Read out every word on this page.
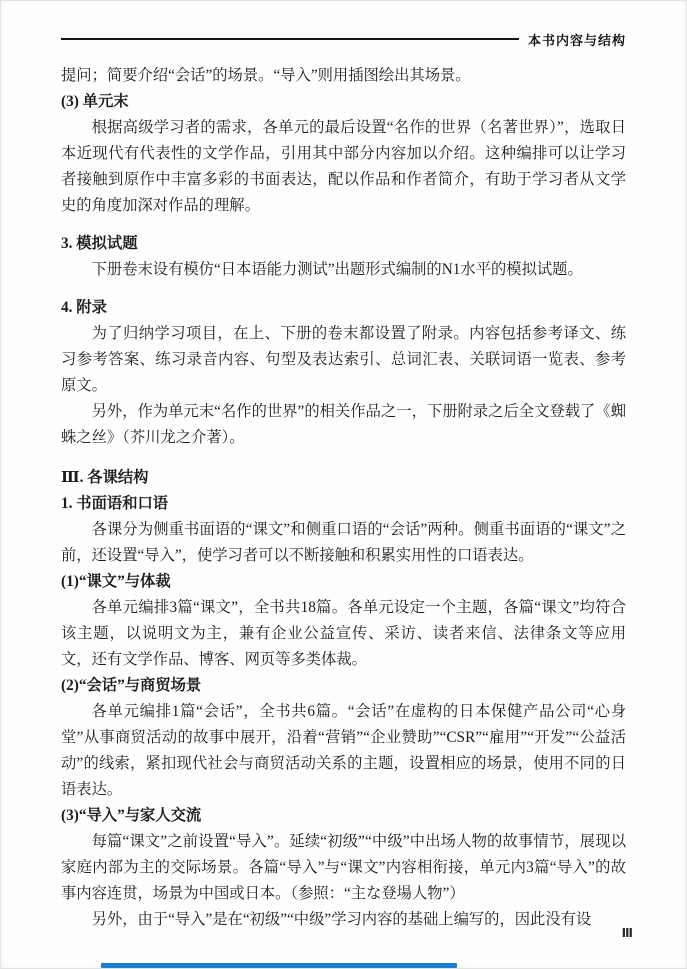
本书内容与结构

提问；简要介绍“会话”的场景。“导入”则用插图绘出其场景。

(3) 单元末

根据高级学习者的需求，各单元的最后设置“名作的世界（名著世界）”，选取日本近现代有代表性的文学作品，引用其中部分内容加以介绍。这种编排可以让学习者接触到原作中丰富多彩的书面表达，配以作品和作者简介，有助于学习者从文学史的角度加深对作品的理解。

3. 模拟试题

下册卷末设有模仿“日本语能力测试”出题形式编制的N1水平的模拟试题。

4. 附录

为了归纳学习项目，在上、下册的卷末都设置了附录。内容包括参考译文、练习参考答案、练习录音内容、句型及表达索引、总词汇表、关联词语一览表、参考原文。

另外，作为单元末“名作的世界”的相关作品之一，下册附录之后全文登载了《蜘蛛之丝》（芥川龙之介著）。

Ⅲ. 各课结构

1. 书面语和口语

各课分为侧重书面语的“课文”和侧重口语的“会话”两种。侧重书面语的“课文”之前，还设置“导入”，使学习者可以不断接触和积累实用性的口语表达。

(1)“课文”与体裁

各单元编排3篇“课文”，全书共18篇。各单元设定一个主题，各篇“课文”均符合该主题，以说明文为主，兼有企业公益宣传、采访、读者来信、法律条文等应用文，还有文学作品、博客、网页等多类体裁。

(2)“会话”与商贸场景

各单元编排1篇“会话”，全书共6篇。“会话”在虚构的日本保健产品公司“心身堂”从事商贸活动的故事中展开，沿着“营销”“企业赞助”“CSR”“雇用”“开发”“公益活动”的线索，紧扣现代社会与商贸活动关系的主题，设置相应的场景，使用不同的日语表达。

(3)“导入”与家人交流

每篇“课文”之前设置“导入”。延续“初级”“中级”中出场人物的故事情节，展现以家庭内部为主的交际场景。各篇“导入”与“课文”内容相衔接，单元内3篇“导入”的故事内容连贯，场景为中国或日本。（参照：“主な登場人物”）

另外，由于“导入”是在“初级”“中级”学习内容的基础上编写的，因此没有设

Ⅲ
